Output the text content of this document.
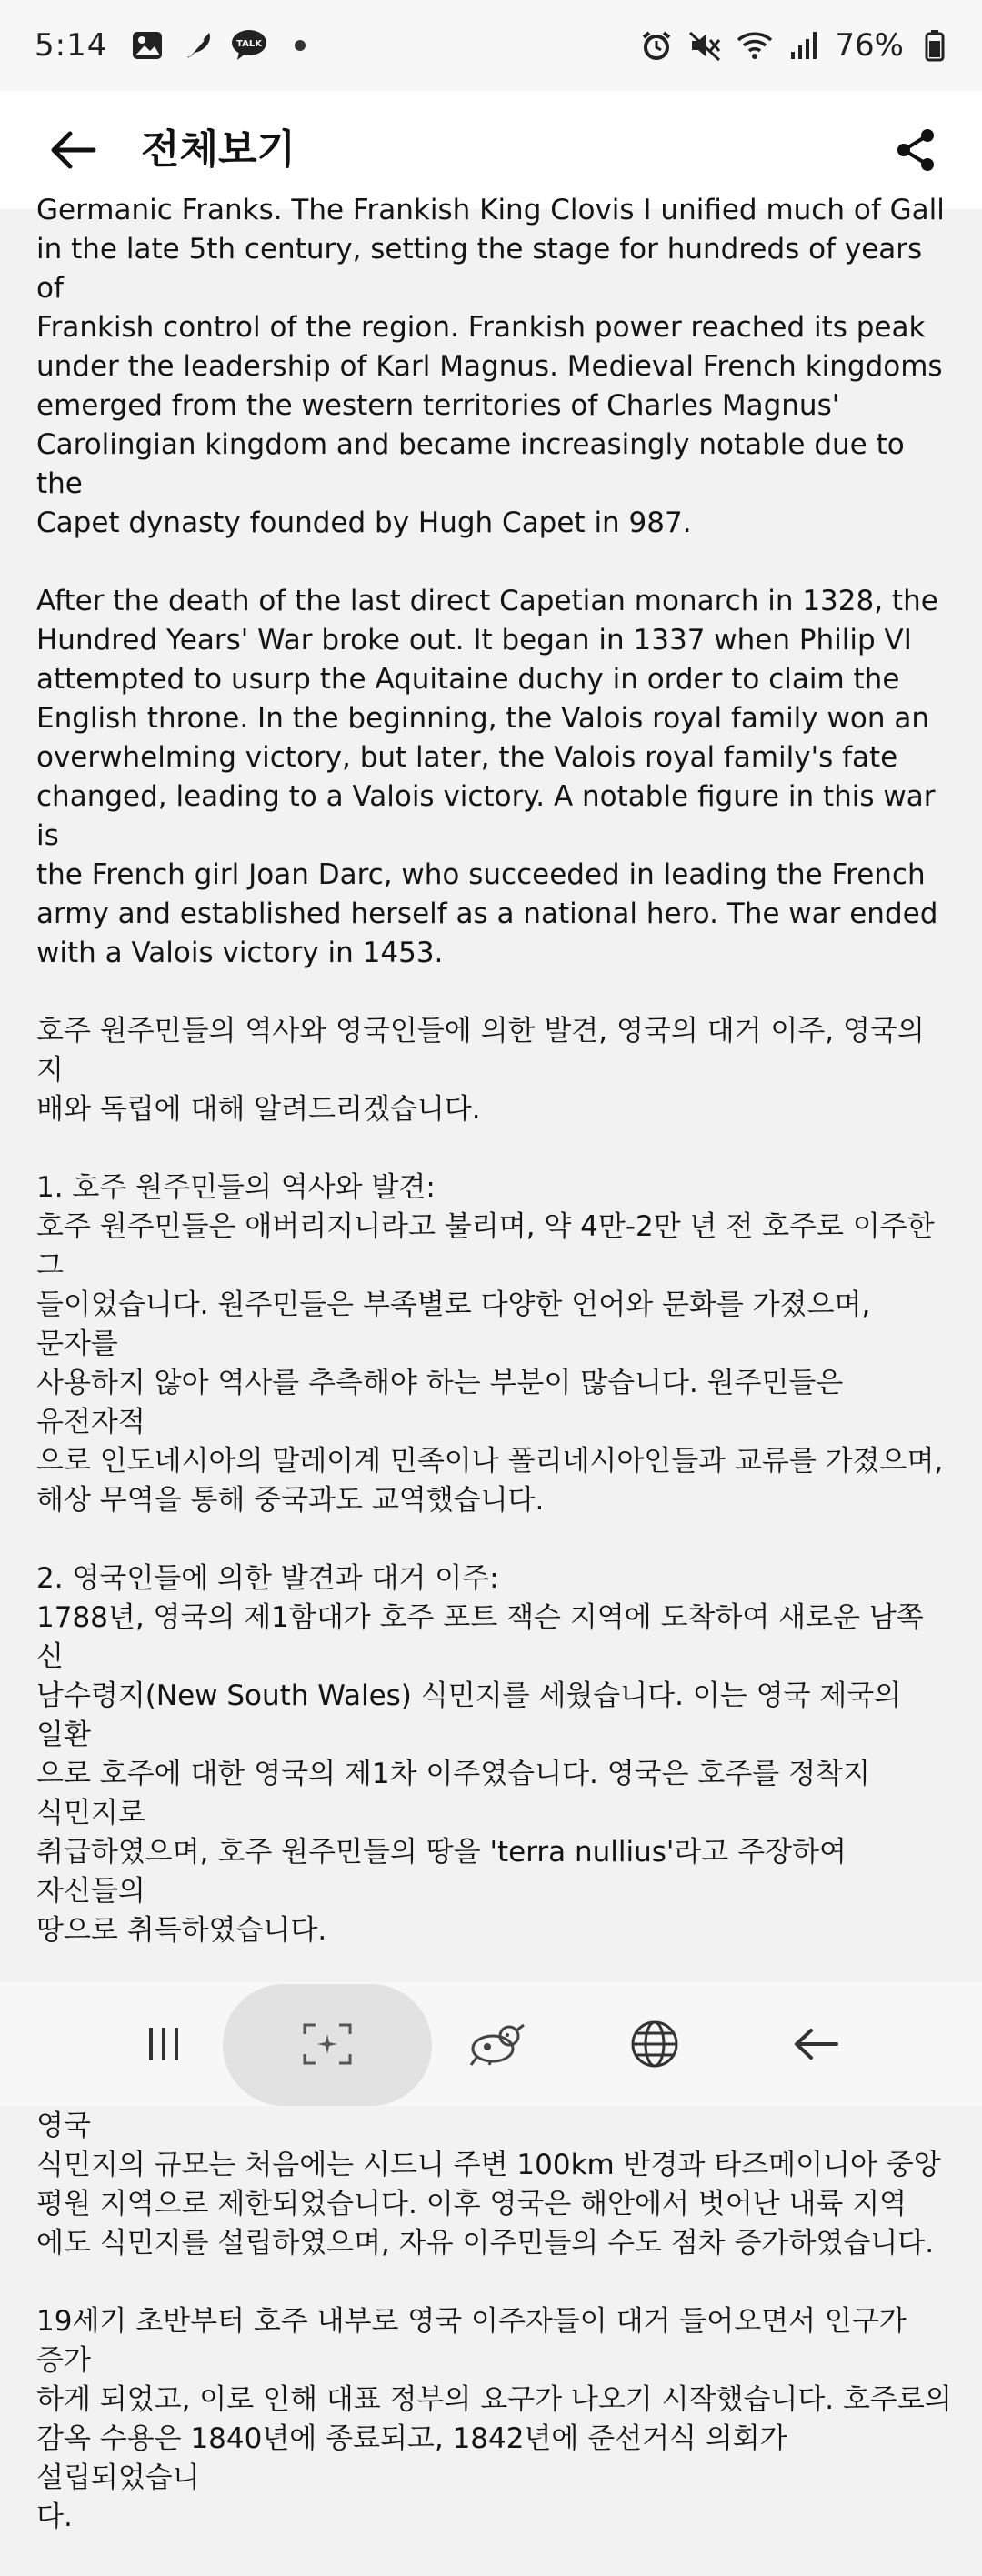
5:14	TALK	76%
전체보기

Germanic Franks. The Frankish King Clovis I unified much of Gall
in the late 5th century, setting the stage for hundreds of years of
Frankish control of the region. Frankish power reached its peak
under the leadership of Karl Magnus. Medieval French kingdoms
emerged from the western territories of Charles Magnus'
Carolingian kingdom and became increasingly notable due to the
Capet dynasty founded by Hugh Capet in 987.

After the death of the last direct Capetian monarch in 1328, the
Hundred Years' War broke out. It began in 1337 when Philip VI
attempted to usurp the Aquitaine duchy in order to claim the
English throne. In the beginning, the Valois royal family won an
overwhelming victory, but later, the Valois royal family's fate
changed, leading to a Valois victory. A notable figure in this war is
the French girl Joan Darc, who succeeded in leading the French
army and established herself as a national hero. The war ended
with a Valois victory in 1453.

호주 원주민들의 역사와 영국인들에 의한 발견, 영국의 대거 이주, 영국의 지
배와 독립에 대해 알려드리겠습니다.

1. 호주 원주민들의 역사와 발견:
호주 원주민들은 애버리지니라고 불리며, 약 4만-2만 년 전 호주로 이주한 그
들이었습니다. 원주민들은 부족별로 다양한 언어와 문화를 가졌으며, 문자를
사용하지 않아 역사를 추측해야 하는 부분이 많습니다. 원주민들은 유전자적
으로 인도네시아의 말레이계 민족이나 폴리네시아인들과 교류를 가졌으며,
해상 무역을 통해 중국과도 교역했습니다.

2. 영국인들에 의한 발견과 대거 이주:
1788년, 영국의 제1함대가 호주 포트 잭슨 지역에 도착하여 새로운 남쪽 신
남수령지(New South Wales) 식민지를 세웠습니다. 이는 영국 제국의 일환
으로 호주에 대한 영국의 제1차 이주였습니다. 영국은 호주를 정착지 식민지로
취급하였으며, 호주 원주민들의 땅을 'terra nullius'라고 주장하여 자신들의
땅으로 취득하였습니다.

영국
식민지의 규모는 처음에는 시드니 주변 100km 반경과 타즈메이니아 중앙
평원 지역으로 제한되었습니다. 이후 영국은 해안에서 벗어난 내륙 지역
에도 식민지를 설립하였으며, 자유 이주민들의 수도 점차 증가하였습니다.

19세기 초반부터 호주 내부로 영국 이주자들이 대거 들어오면서 인구가 증가
하게 되었고, 이로 인해 대표 정부의 요구가 나오기 시작했습니다. 호주로의
감옥 수용은 1840년에 종료되고, 1842년에 준선거식 의회가 설립되었습니
다.
